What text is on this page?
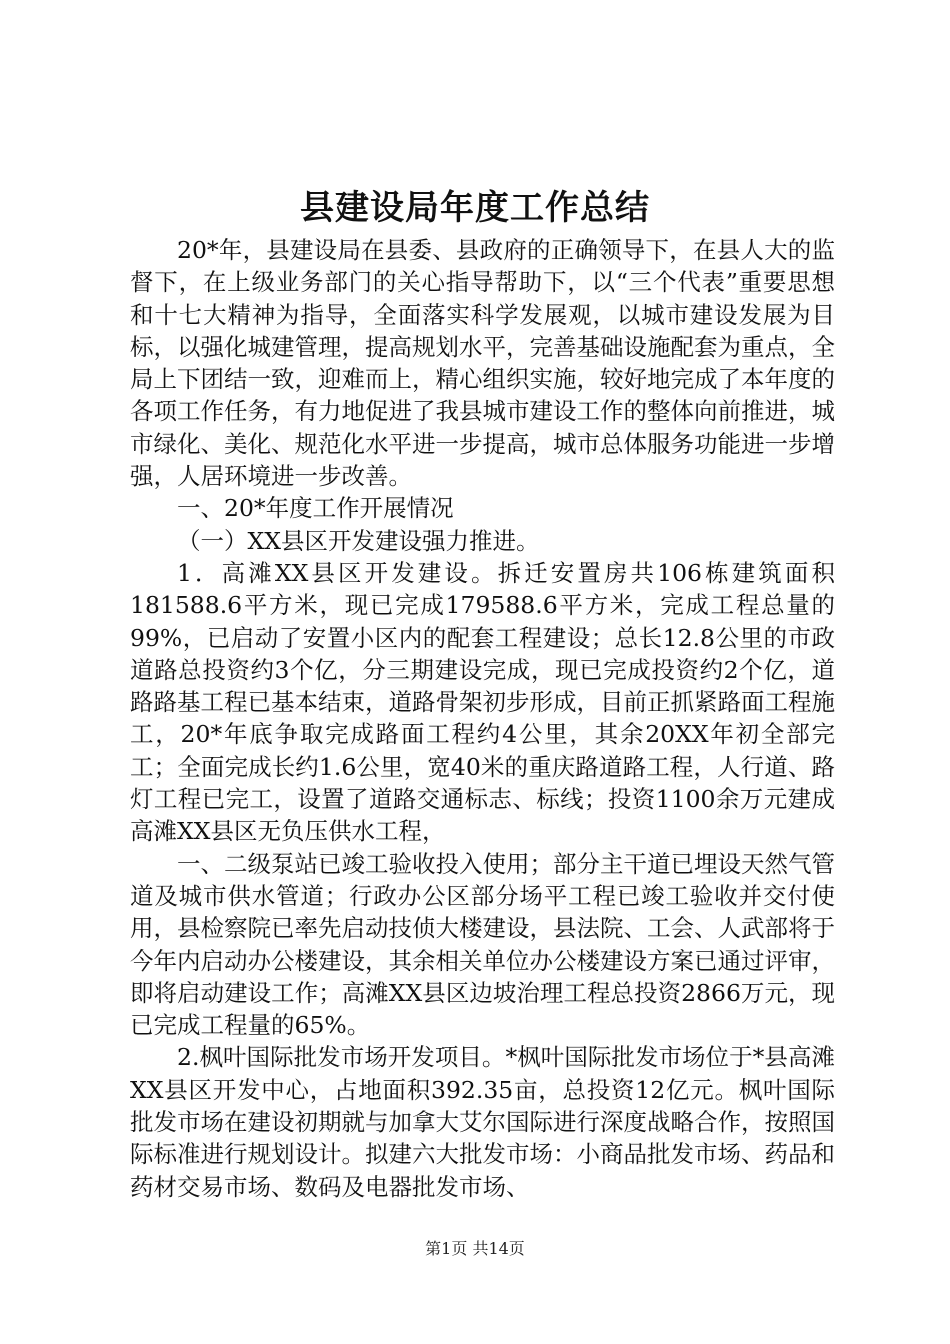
县建设局年度工作总结

20*年，县建设局在县委、县政府的正确领导下，在县人大的监督下，在上级业务部门的关心指导帮助下，以“三个代表”重要思想和十七大精神为指导，全面落实科学发展观，以城市建设发展为目标，以强化城建管理，提高规划水平，完善基础设施配套为重点，全局上下团结一致，迎难而上，精心组织实施，较好地完成了本年度的各项工作任务，有力地促进了我县城市建设工作的整体向前推进，城市绿化、美化、规范化水平进一步提高，城市总体服务功能进一步增强，人居环境进一步改善。

一、20*年度工作开展情况

（一）XX县区开发建设强力推进。

1．高滩XX县区开发建设。拆迁安置房共106栋建筑面积181588.6平方米，现已完成179588.6平方米，完成工程总量的99%，已启动了安置小区内的配套工程建设；总长12.8公里的市政道路总投资约3个亿，分三期建设完成，现已完成投资约2个亿，道路路基工程已基本结束，道路骨架初步形成，目前正抓紧路面工程施工，20*年底争取完成路面工程约4公里，其余20XX年初全部完工；全面完成长约1.6公里，宽40米的重庆路道路工程，人行道、路灯工程已完工，设置了道路交通标志、标线；投资1100余万元建成高滩XX县区无负压供水工程，

一、二级泵站已竣工验收投入使用；部分主干道已埋设天然气管道及城市供水管道；行政办公区部分场平工程已竣工验收并交付使用，县检察院已率先启动技侦大楼建设，县法院、工会、人武部将于今年内启动办公楼建设，其余相关单位办公楼建设方案已通过评审，即将启动建设工作；高滩XX县区边坡治理工程总投资2866万元，现已完成工程量的65%。

2.枫叶国际批发市场开发项目。*枫叶国际批发市场位于*县高滩XX县区开发中心，占地面积392.35亩，总投资12亿元。枫叶国际批发市场在建设初期就与加拿大艾尔国际进行深度战略合作，按照国际标准进行规划设计。拟建六大批发市场：小商品批发市场、药品和药材交易市场、数码及电器批发市场、

第1页 共14页
